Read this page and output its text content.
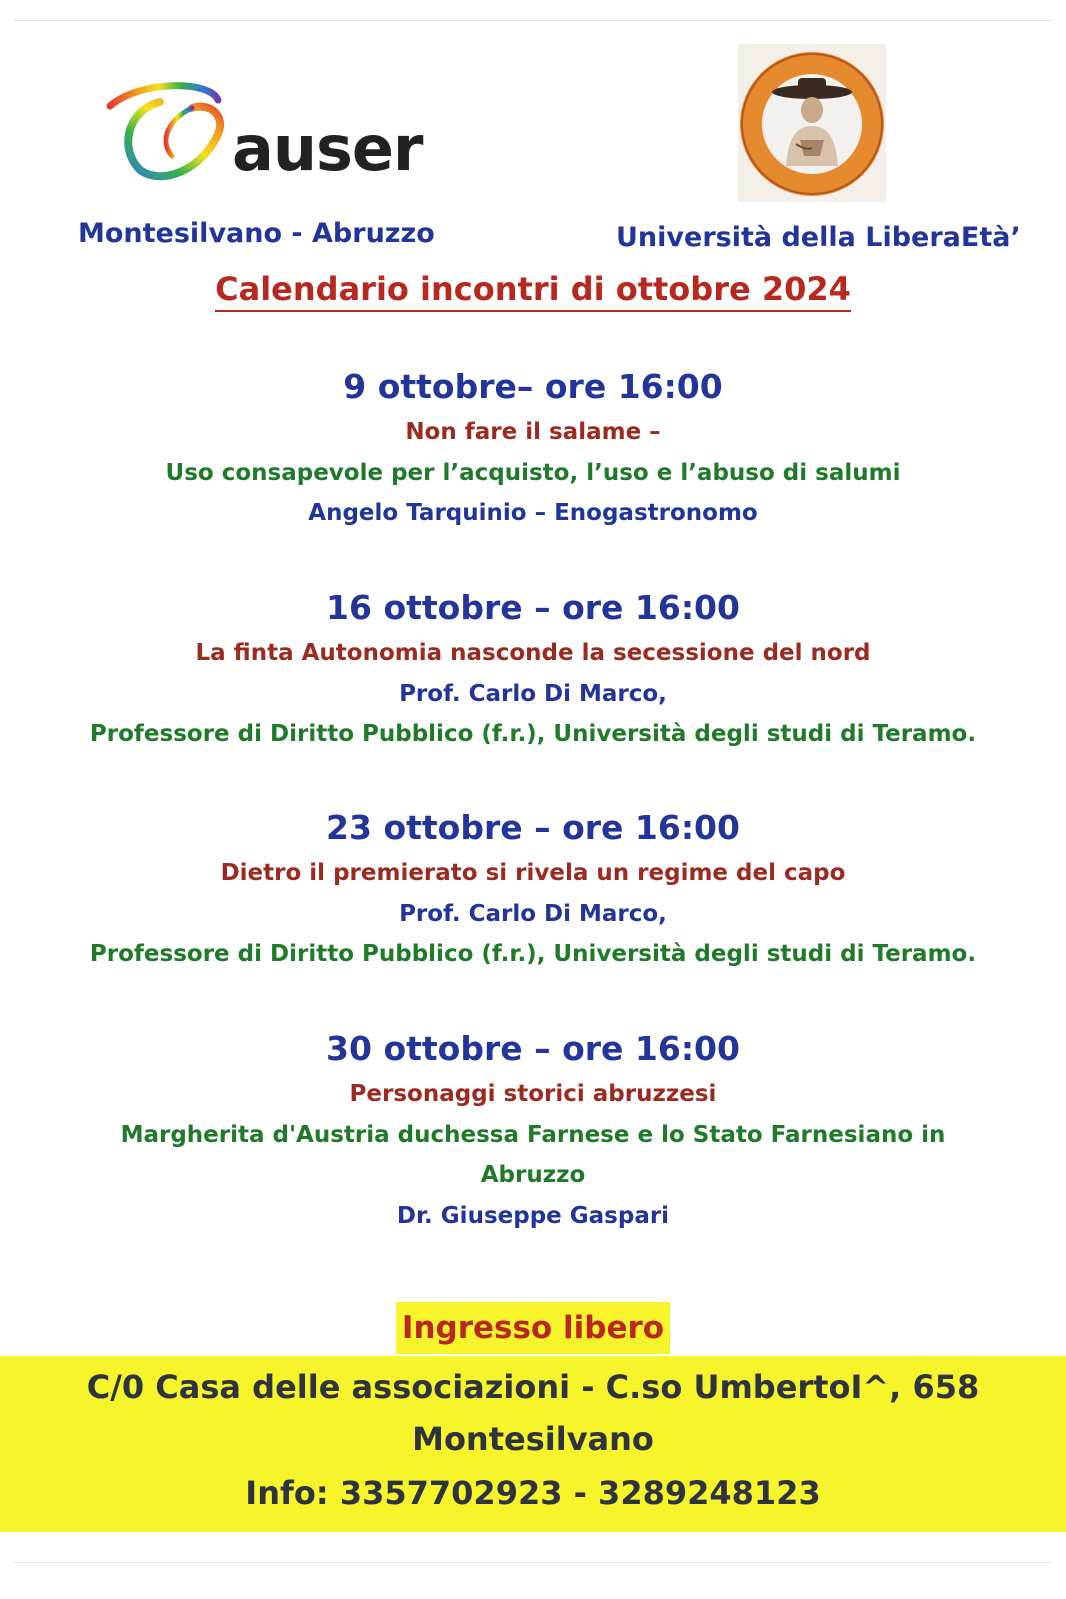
auser
Montesilvano - Abruzzo	Università della LiberaEtà’
Calendario incontri di ottobre 2024
9 ottobre– ore 16:00
Non fare il salame –
Uso consapevole per l’acquisto, l’uso e l’abuso di salumi
Angelo Tarquinio – Enogastronomo
16 ottobre – ore 16:00
La finta Autonomia nasconde la secessione del nord
Prof. Carlo Di Marco,
Professore di Diritto Pubblico (f.r.), Università degli studi di Teramo.
23 ottobre – ore 16:00
Dietro il premierato si rivela un regime del capo
Prof. Carlo Di Marco,
Professore di Diritto Pubblico (f.r.), Università degli studi di Teramo.
30 ottobre – ore 16:00
Personaggi storici abruzzesi
Margherita d'Austria duchessa Farnese e lo Stato Farnesiano in
Abruzzo
Dr. Giuseppe Gaspari
Ingresso libero
C/0 Casa delle associazioni - C.so UmbertoI^, 658
Montesilvano
Info: 3357702923 - 3289248123
